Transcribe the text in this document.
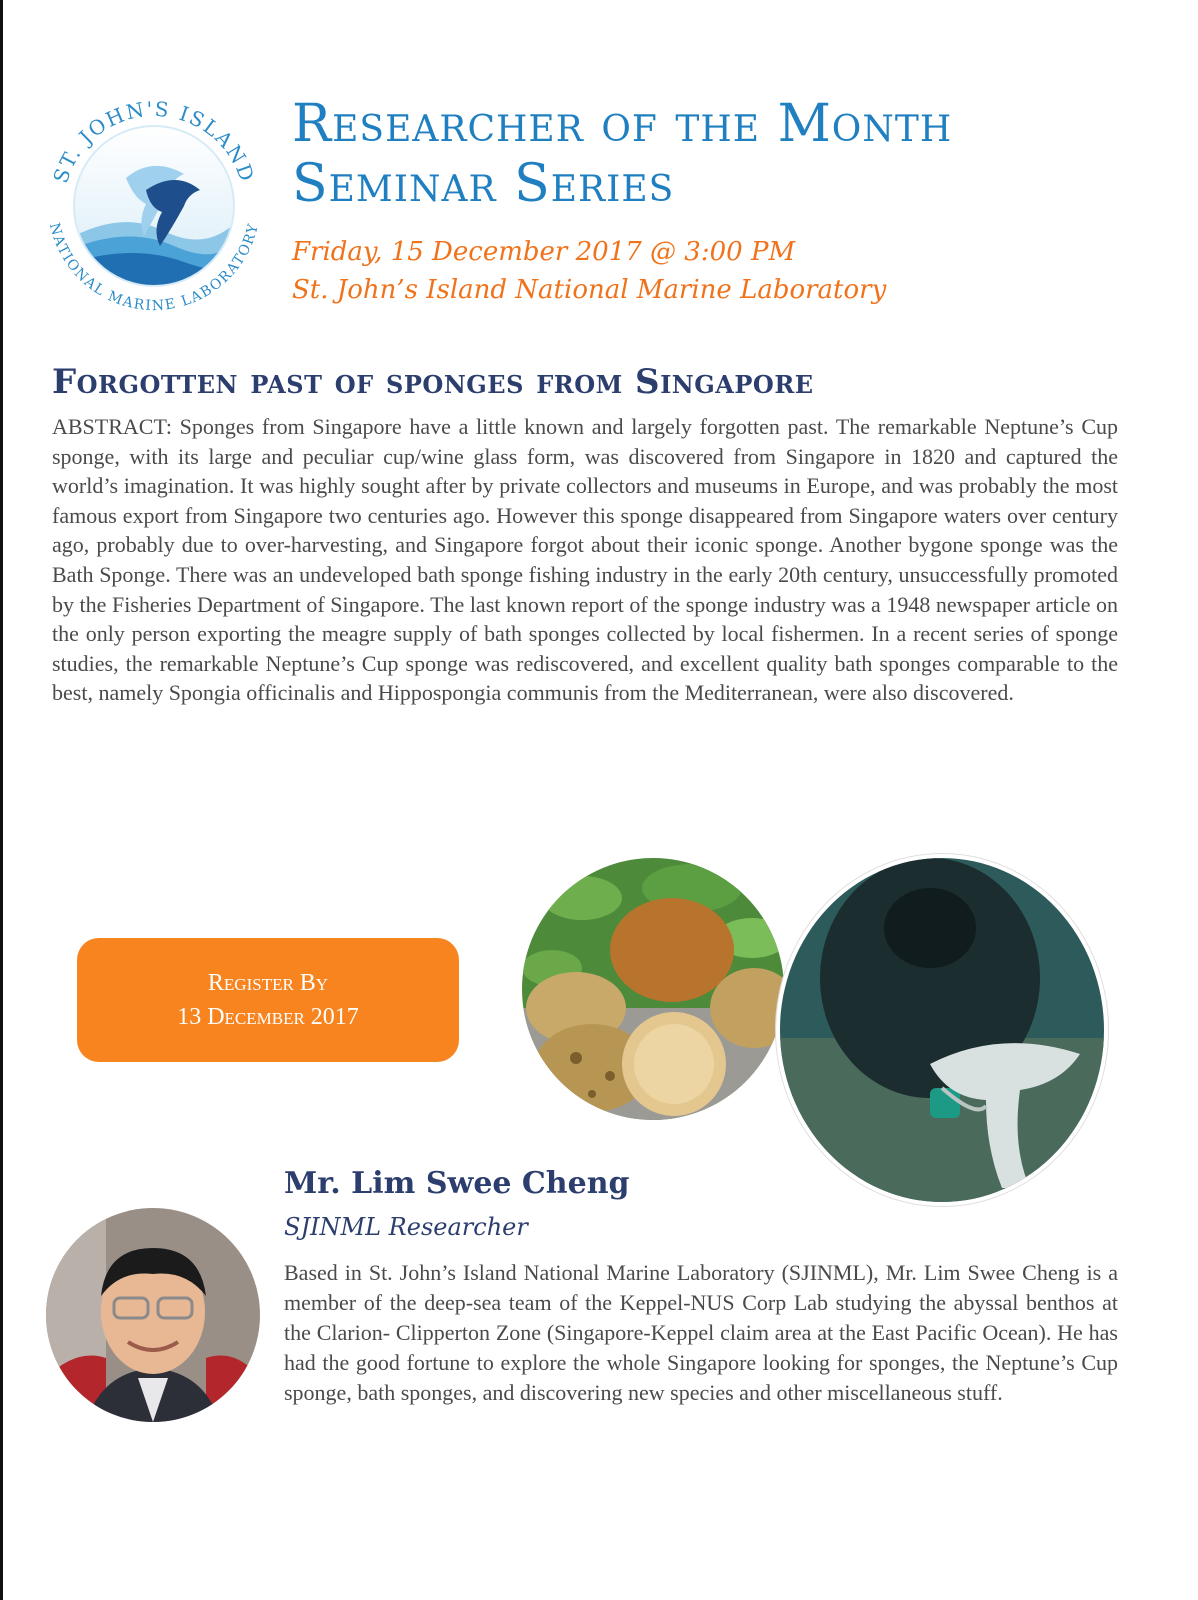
ST. JOHN'S ISLAND
NATIONAL MARINE LABORATORY
Researcher of the Month
Seminar Series

Friday, 15 December 2017 @ 3:00 PM

St. John’s Island National Marine Laboratory

Forgotten past of sponges from Singapore

ABSTRACT: Sponges from Singapore have a little known and largely forgotten past. The remarkable Neptune’s Cup sponge, with its large and peculiar cup/wine glass form, was discovered from Singapore in 1820 and captured the world’s imagination. It was highly sought after by private collectors and museums in Europe, and was probably the most famous export from Singapore two centuries ago. However this sponge disappeared from Singapore waters over century ago, probably due to over-harvesting, and Singapore forgot about their iconic sponge. Another bygone sponge was the Bath Sponge. There was an undeveloped bath sponge fishing industry in the early 20th century, unsuccessfully promoted by the Fisheries Department of Singapore. The last known report of the sponge industry was a 1948 newspaper article on the only person exporting the meagre supply of bath sponges collected by local fishermen. In a recent series of sponge studies, the remarkable Neptune’s Cup sponge was rediscovered, and excellent quality bath sponges comparable to the best, namely Spongia officinalis and Hippospongia communis from the Mediterranean, were also discovered.

Register By
13 December 2017
Mr. Lim Swee Cheng

SJINML Researcher

Based in St. John’s Island National Marine Laboratory (SJINML), Mr. Lim Swee Cheng is a member of the deep-sea team of the Keppel-NUS Corp Lab studying the abyssal benthos at the Clarion- Clipperton Zone (Singapore-Keppel claim area at the East Pacific Ocean). He has had the good fortune to explore the whole Singapore looking for sponges, the Neptune’s Cup sponge, bath sponges, and discovering new species and other miscellaneous stuff.
